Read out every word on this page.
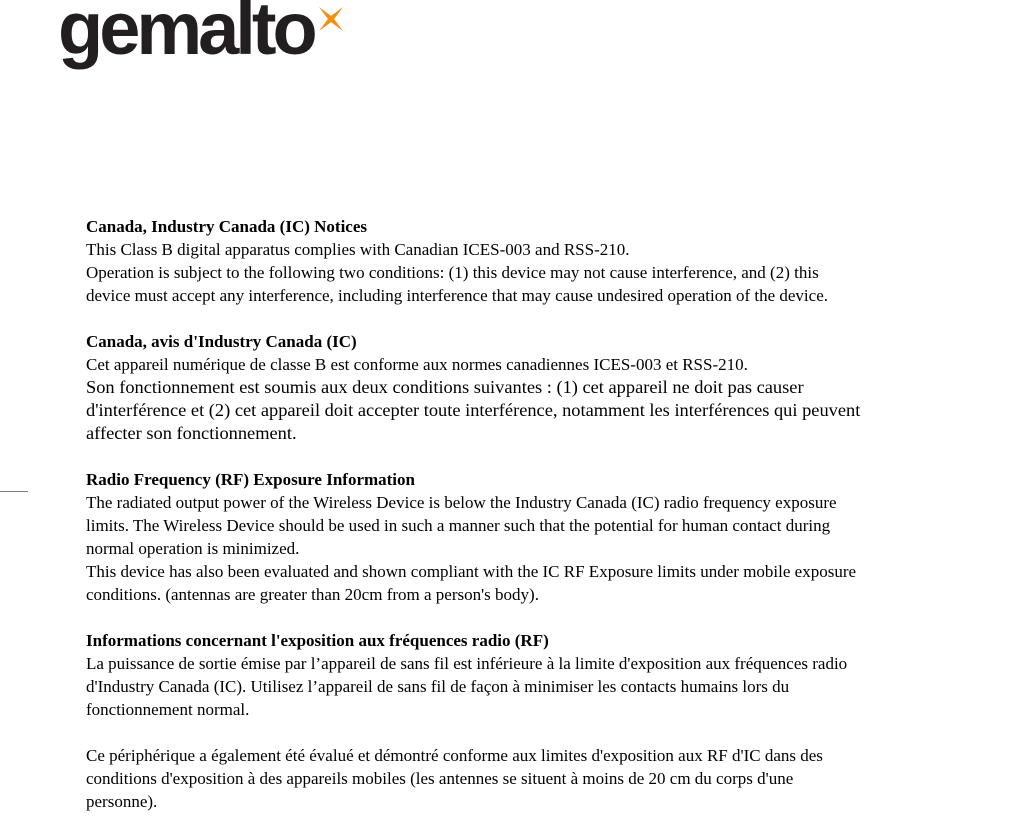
gemalto
Canada, Industry Canada (IC) Notices
This Class B digital apparatus complies with Canadian ICES-003 and RSS-210.
Operation is subject to the following two conditions: (1) this device may not cause interference, and (2) this
device must accept any interference, including interference that may cause undesired operation of the device.
Canada, avis d'Industry Canada (IC)
Cet appareil numérique de classe B est conforme aux normes canadiennes ICES-003 et RSS-210.
Son fonctionnement est soumis aux deux conditions suivantes : (1) cet appareil ne doit pas causer
d'interférence et (2) cet appareil doit accepter toute interférence, notamment les interférences qui peuvent
affecter son fonctionnement.
Radio Frequency (RF) Exposure Information
The radiated output power of the Wireless Device is below the Industry Canada (IC) radio frequency exposure
limits. The Wireless Device should be used in such a manner such that the potential for human contact during
normal operation is minimized.
This device has also been evaluated and shown compliant with the IC RF Exposure limits under mobile exposure
conditions. (antennas are greater than 20cm from a person's body).
Informations concernant l'exposition aux fréquences radio (RF)
La puissance de sortie émise par l’appareil de sans fil est inférieure à la limite d'exposition aux fréquences radio
d'Industry Canada (IC). Utilisez l’appareil de sans fil de façon à minimiser les contacts humains lors du
fonctionnement normal.
Ce périphérique a également été évalué et démontré conforme aux limites d'exposition aux RF d'IC dans des
conditions d'exposition à des appareils mobiles (les antennes se situent à moins de 20 cm du corps d'une
personne).
